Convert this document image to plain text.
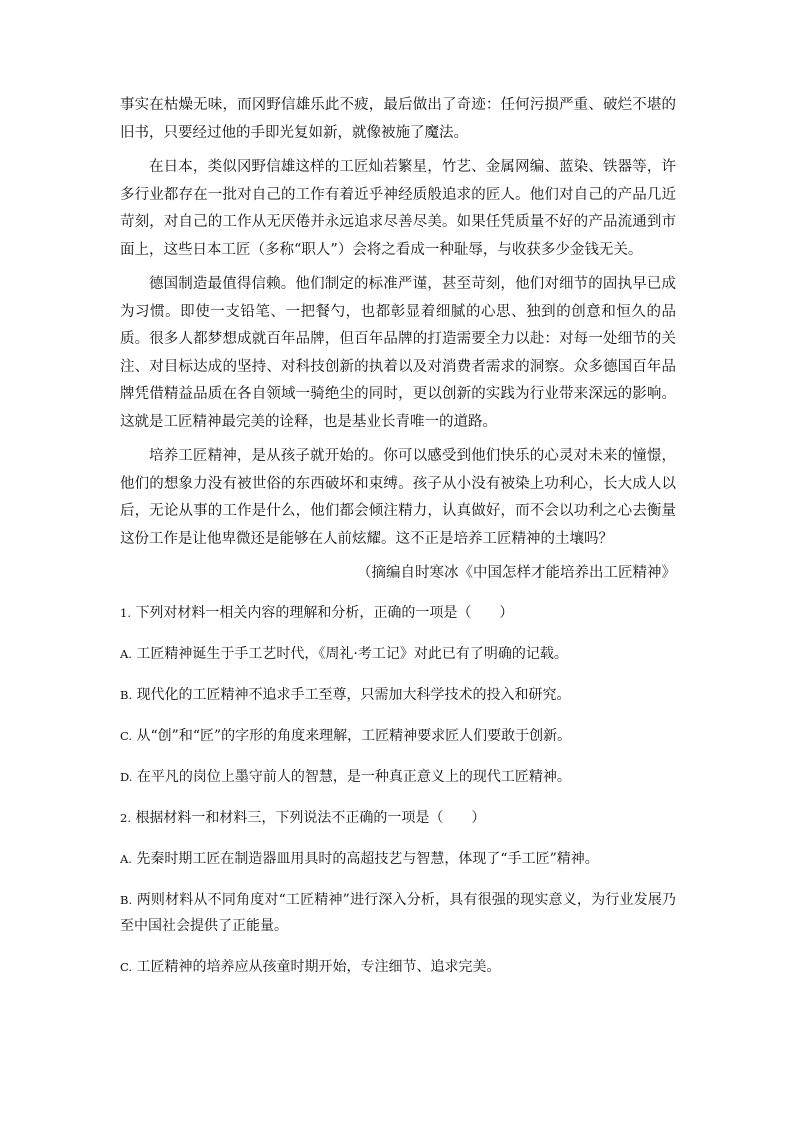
事实在枯燥无味，而冈野信雄乐此不疲，最后做出了奇迹：任何污损严重、破烂不堪的旧书，只要经过他的手即光复如新，就像被施了魔法。

在日本，类似冈野信雄这样的工匠灿若繁星，竹艺、金属网编、蓝染、铁器等，许多行业都存在一批对自己的工作有着近乎神经质般追求的匠人。他们对自己的产品几近苛刻，对自己的工作从无厌倦并永远追求尽善尽美。如果任凭质量不好的产品流通到市面上，这些日本工匠（多称“职人”）会将之看成一种耻辱，与收获多少金钱无关。

德国制造最值得信赖。他们制定的标准严谨，甚至苛刻，他们对细节的固执早已成为习惯。即使一支铅笔、一把餐勺，也都彰显着细腻的心思、独到的创意和恒久的品质。很多人都梦想成就百年品牌，但百年品牌的打造需要全力以赴：对每一处细节的关注、对目标达成的坚持、对科技创新的执着以及对消费者需求的洞察。众多德国百年品牌凭借精益品质在各自领域一骑绝尘的同时，更以创新的实践为行业带来深远的影响。这就是工匠精神最完美的诠释，也是基业长青唯一的道路。

培养工匠精神，是从孩子就开始的。你可以感受到他们快乐的心灵对未来的憧憬，他们的想象力没有被世俗的东西破坏和束缚。孩子从小没有被染上功利心，长大成人以后，无论从事的工作是什么，他们都会倾注精力，认真做好，而不会以功利之心去衡量这份工作是让他卑微还是能够在人前炫耀。这不正是培养工匠精神的土壤吗？

（摘编自时寒冰《中国怎样才能培养出工匠精神》

1. 下列对材料一相关内容的理解和分析，正确的一项是（　　）

A. 工匠精神诞生于手工艺时代，《周礼·考工记》对此已有了明确的记载。

B. 现代化的工匠精神不追求手工至尊，只需加大科学技术的投入和研究。

C. 从“创”和“匠”的字形的角度来理解，工匠精神要求匠人们要敢于创新。

D. 在平凡的岗位上墨守前人的智慧，是一种真正意义上的现代工匠精神。

2. 根据材料一和材料三，下列说法不正确的一项是（　　）

A. 先秦时期工匠在制造器皿用具时的高超技艺与智慧，体现了“手工匠”精神。

B. 两则材料从不同角度对“工匠精神”进行深入分析，具有很强的现实意义，为行业发展乃至中国社会提供了正能量。

C. 工匠精神的培养应从孩童时期开始，专注细节、追求完美。
